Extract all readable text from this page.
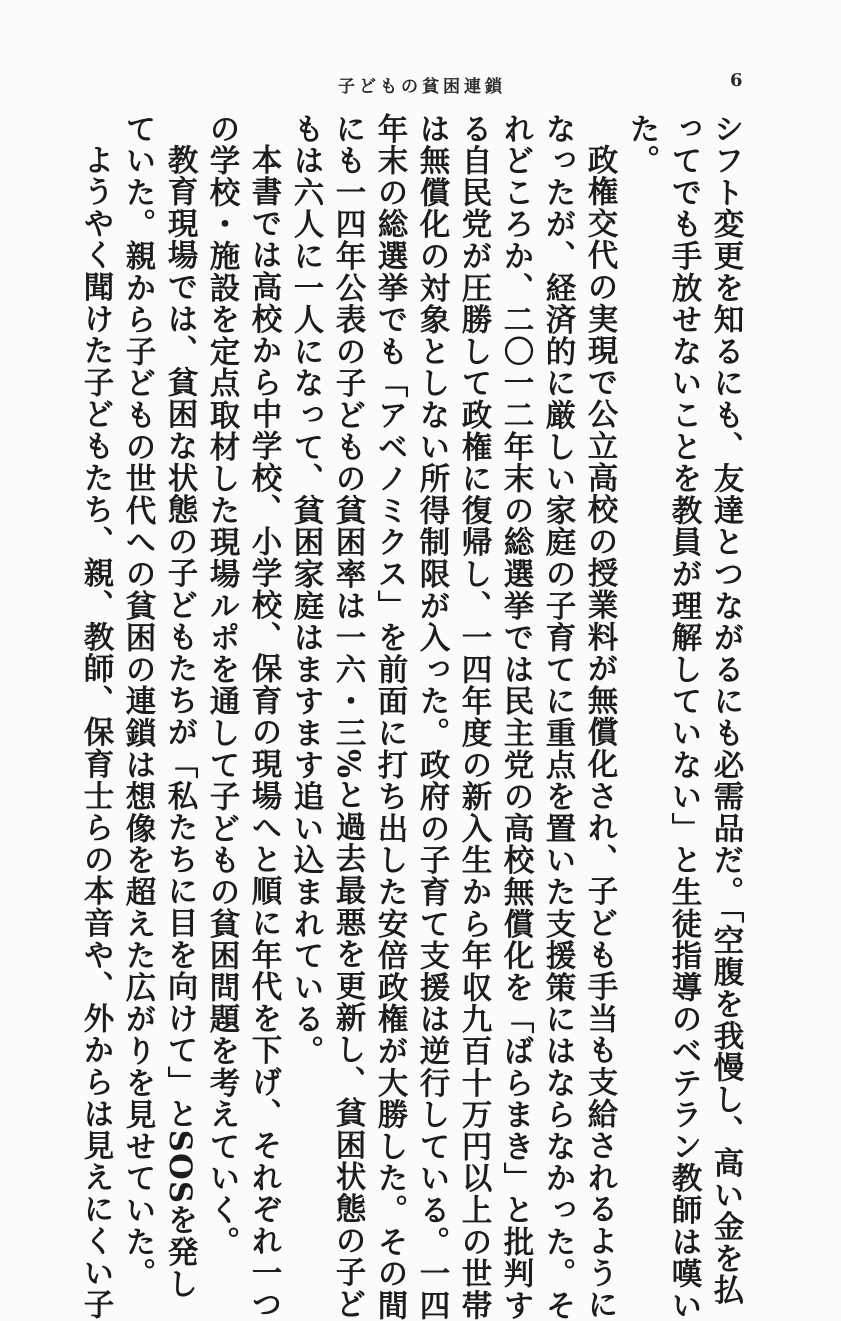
子どもの貧困連鎖	6
シフト変更を知るにも、友達とつながるにも必需品だ。「空腹を我慢し、高い金を払
ってでも手放せないことを教員が理解していない」と生徒指導のベテラン教師は嘆い
た。
政権交代の実現で公立高校の授業料が無償化され、子ども手当も支給されるように
なったが、経済的に厳しい家庭の子育てに重点を置いた支援策にはならなかった。そ
れどころか、二〇一二年末の総選挙では民主党の高校無償化を「ばらまき」と批判す
る自民党が圧勝して政権に復帰し、一四年度の新入生から年収九百十万円以上の世帯
は無償化の対象としない所得制限が入った。政府の子育て支援は逆行している。一四
年末の総選挙でも「アベノミクス」を前面に打ち出した安倍政権が大勝した。その間
にも一四年公表の子どもの貧困率は一六・三%と過去最悪を更新し、貧困状態の子ど
もは六人に一人になって、貧困家庭はますます追い込まれている。
本書では高校から中学校、小学校、保育の現場へと順に年代を下げ、それぞれ一つ
の学校・施設を定点取材した現場ルポを通して子どもの貧困問題を考えていく。
教育現場では、貧困な状態の子どもたちが「私たちに目を向けて」とSOSを発し
ていた。親から子どもの世代への貧困の連鎖は想像を超えた広がりを見せていた。
ようやく聞けた子どもたち、親、教師、保育士らの本音や、外からは見えにくい子
